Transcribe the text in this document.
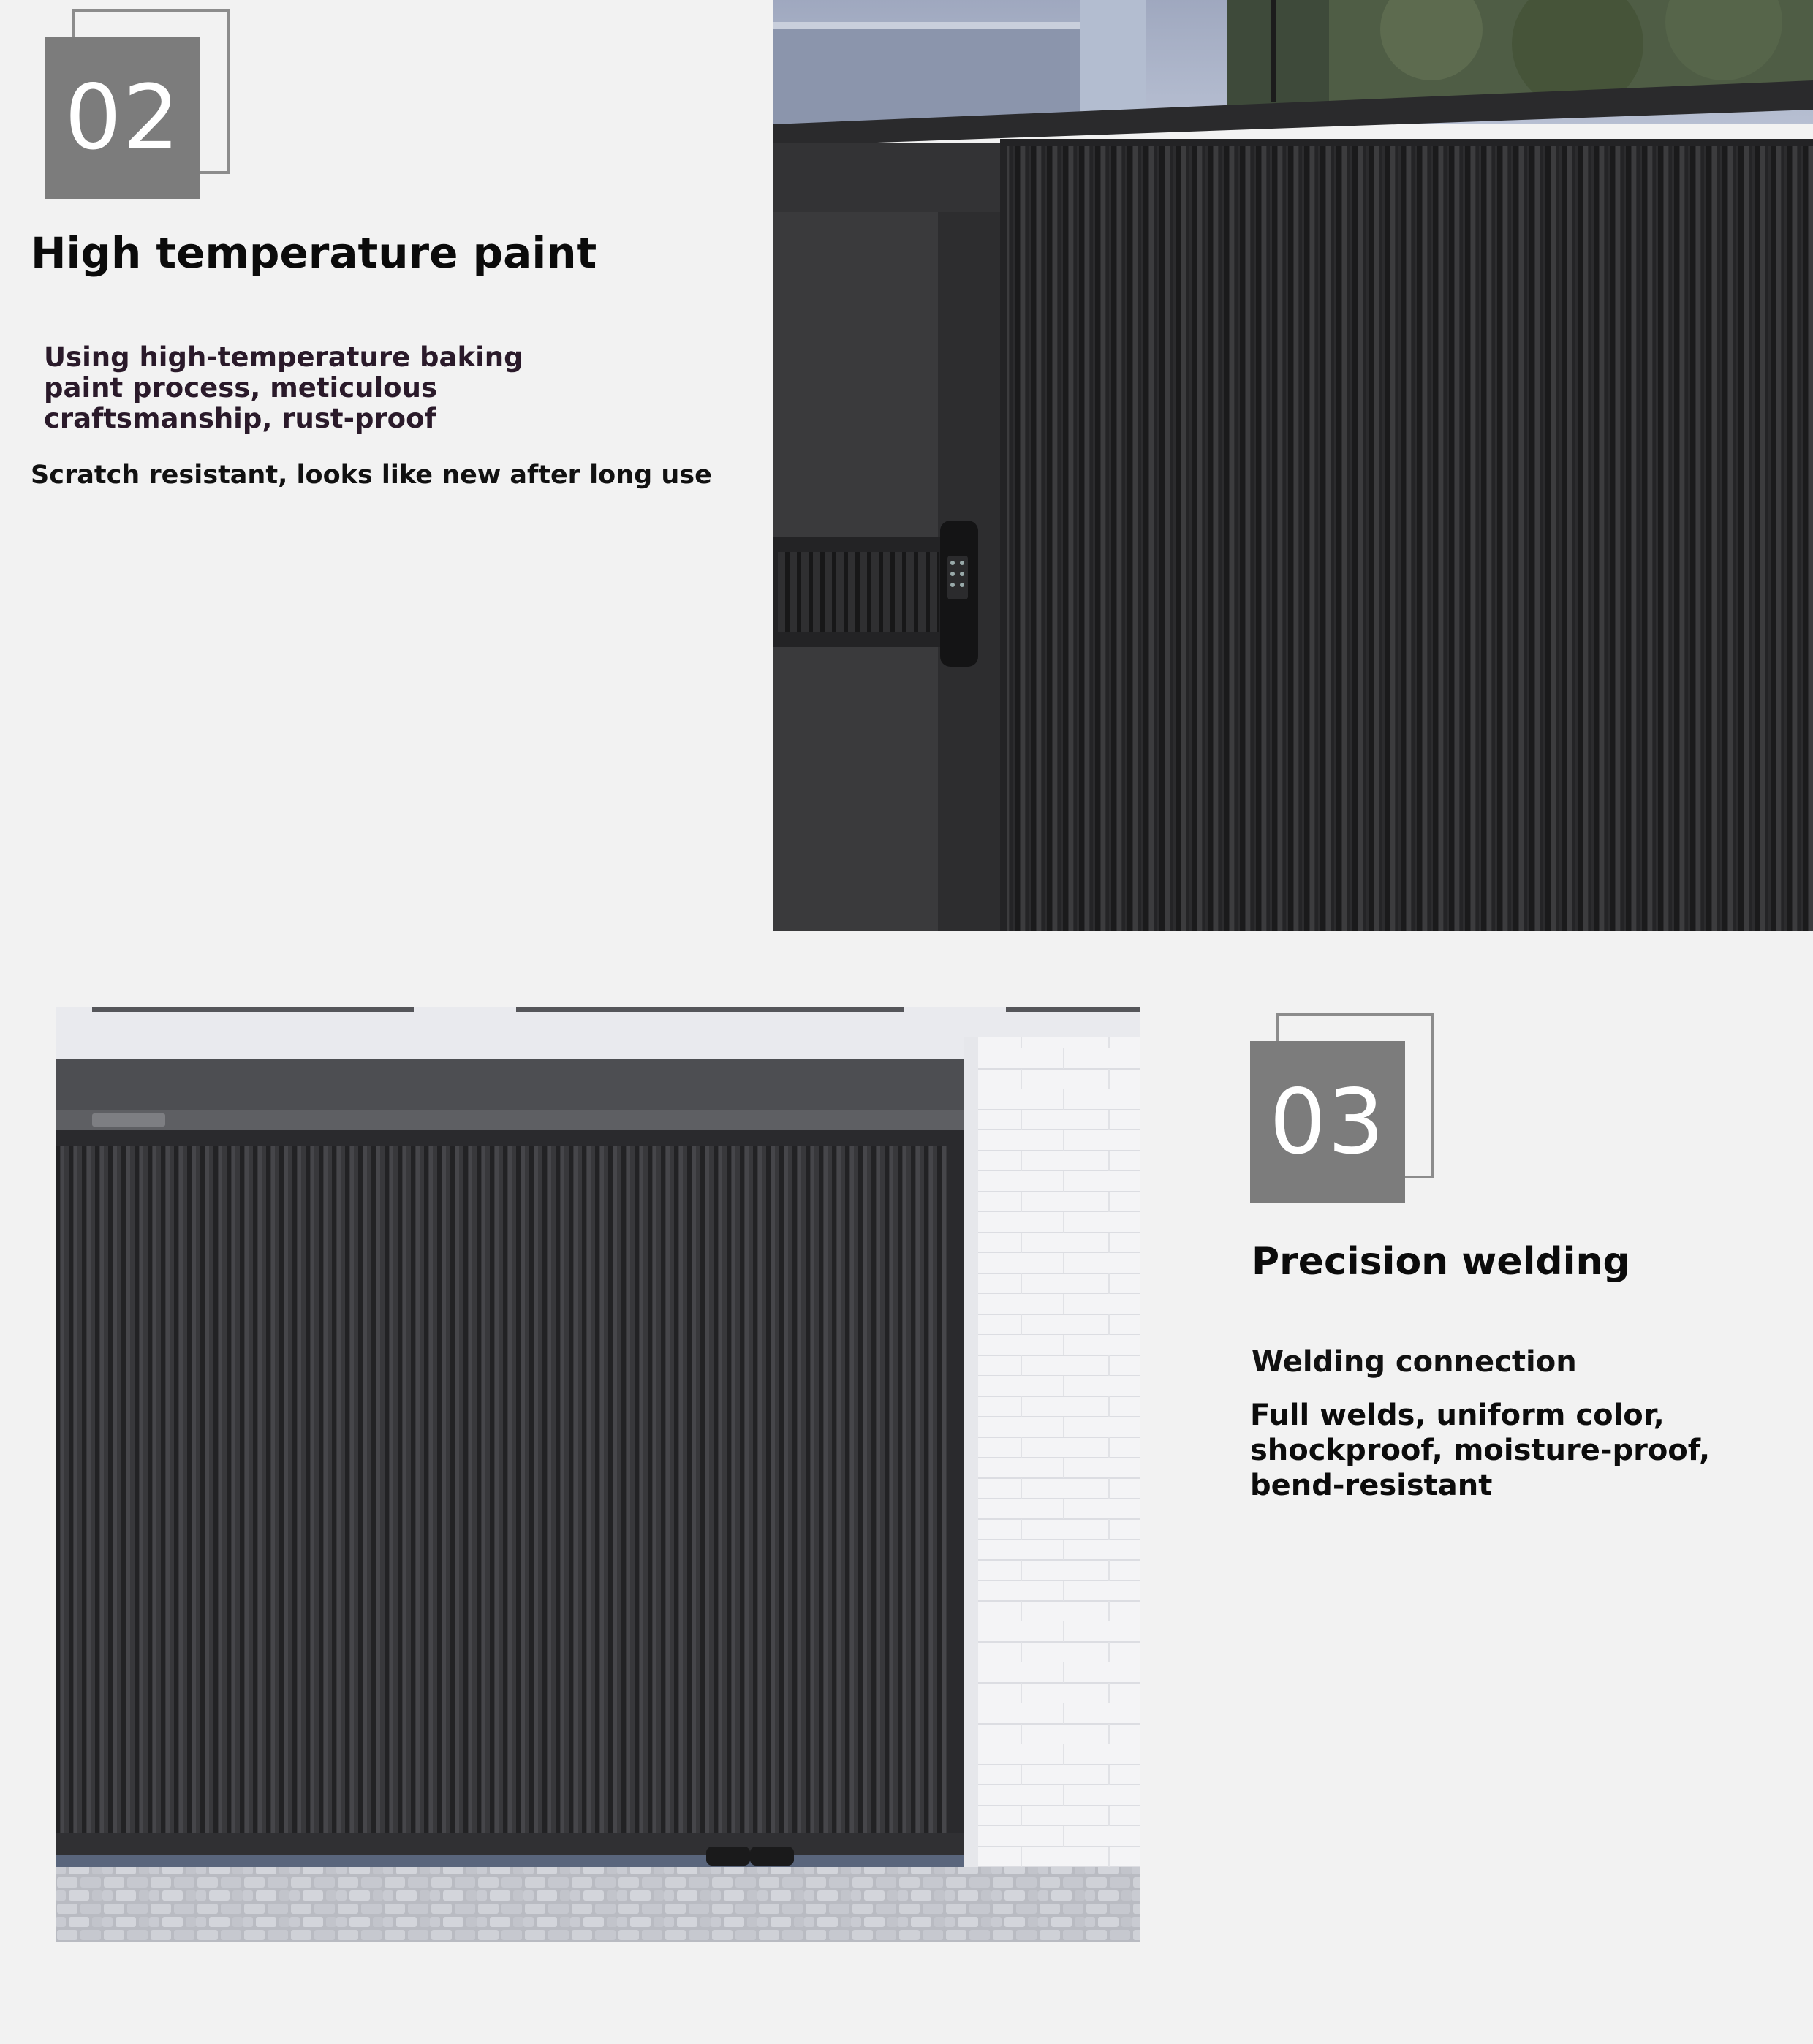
02
High temperature paint
Using high-temperature baking
paint process, meticulous
craftsmanship, rust-proof
Scratch resistant, looks like new after long use
03
Precision welding
Welding connection
Full welds, uniform color,
shockproof, moisture-proof,
bend-resistant
